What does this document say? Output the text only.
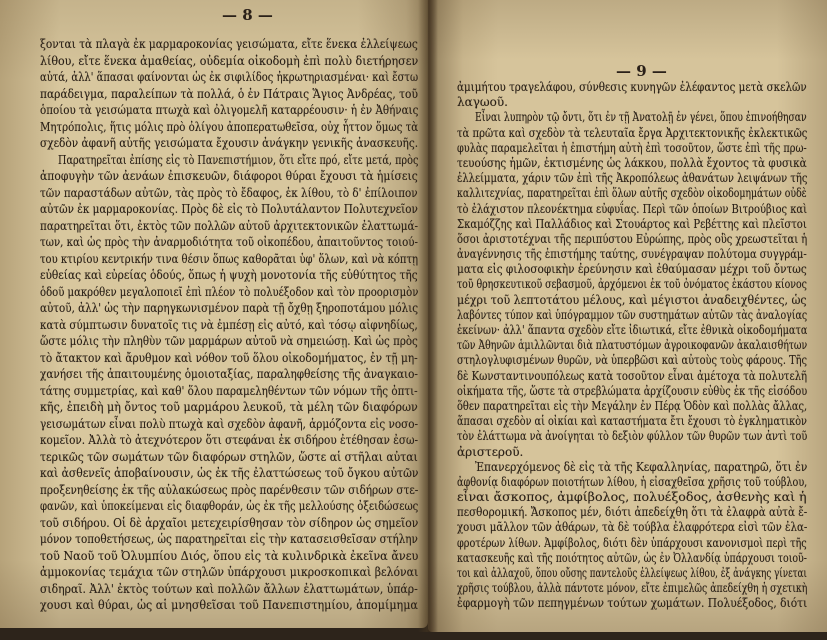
— 8 —
ξονται τὰ πλαγὰ ἐκ μαρμαροκονίας γεισώματα, εἴτε ἕνεκα ἐλλείψεως
λίθου, εἴτε ἕνεκα ἀμαθείας, οὐδεμία οἰκοδομὴ ἐπὶ πολὺ διετήρησεν
αὐτά, ἀλλ' ἅπασαι φαίνονται ὡς ἐκ σιφιλίδος ἠκρωτηριασμέναι· καὶ ἔστω
παράδειγμα, παραλείπων τὰ πολλά, ὁ ἐν Πάτραις Ἅγιος Ἀνδρέας, τοῦ
ὁποίου τὰ γεισώματα πτωχὰ καὶ ὀλιγομελῆ καταρρέουσιν· ἡ ἐν Ἀθήναις
Μητρόπολις, ἥτις μόλις πρὸ ὀλίγου ἀποπερατωθεῖσα, οὐχ ἧττον ὅμως τὰ
σχεδὸν ἀφανῆ αὐτῆς γεισώματα ἔχουσιν ἀνάγκην γενικῆς ἀνασκευῆς.
Παρατηρεῖται ἐπίσης εἰς τὸ Πανεπιστήμιον, ὅτι εἴτε πρό, εἴτε μετά, πρὸς
ἀποφυγὴν τῶν ἀενάων ἐπισκευῶν, διάφοροι θύραι ἔχουσι τὰ ἡμίσεις
τῶν παραστάδων αὐτῶν, τὰς πρὸς τὸ ἔδαφος, ἐκ λίθου, τὸ δ' ἐπίλοιπον
αὐτῶν ἐκ μαρμαροκονίας. Πρὸς δὲ εἰς τὸ Πολυτάλαντον Πολυτεχνεῖον
παρατηρεῖται ὅτι, ἐκτὸς τῶν πολλῶν αὐτοῦ ἀρχιτεκτονικῶν ἐλαττωμά-
των, καὶ ὡς πρὸς τὴν ἀναρμοδιότητα τοῦ οἰκοπέδου, ἀπαιτοῦντος τοιού-
του κτιρίου κεντρικήν τινα θέσιν ὅπως καθορᾶται ὑφ' ὅλων, καὶ νὰ κόπτῃ
εὐθείας καὶ εὐρείας ὁδούς, ὅπως ἡ ψυχὴ μονοτονία τῆς εὐθύτητος τῆς
ὁδοῦ μακρόθεν μεγαλοποιεῖ ἐπὶ πλέον τὸ πολυέξοδον καὶ τὸν προορισμὸν
αὐτοῦ, ἀλλ' ὡς τὴν παρηγκωνισμένον παρὰ τῇ ὄχθῃ ξηροποτάμου μόλις
κατὰ σύμπτωσιν δυνατοῖς τις νὰ ἐμπέσῃ εἰς αὐτό, καὶ τόσῳ αἰφνηδίως,
ὥστε μόλις τὴν πληθὺν τῶν μαρμάρων αὐτοῦ νὰ σημειώσῃ. Καὶ ὡς πρὸς
τὸ ἄτακτον καὶ ἄρυθμον καὶ νόθον τοῦ ὅλου οἰκοδομήματος, ἐν τῇ μη-
χανήσει τῆς ἀπαιτουμένης ὁμοιοταξίας, παραληφθείσης τῆς ἀναγκαιο-
τάτης συμμετρίας, καὶ καθ' ὅλου παραμεληθέντων τῶν νόμων τῆς ὀπτι-
κῆς, ἐπειδὴ μὴ ὄντος τοῦ μαρμάρου λευκοῦ, τὰ μέλη τῶν διαφόρων
γεισωμάτων εἶναι πολὺ πτωχὰ καὶ σχεδὸν ἀφανῆ, ἁρμόζοντα εἰς νοσο-
κομεῖον. Ἀλλὰ τὸ ἀτεχνότερον ὅτι στεφάναι ἐκ σιδήρου ἐτέθησαν ἐσω-
τερικῶς τῶν σωμάτων τῶν διαφόρων στηλῶν, ὥστε αἱ στῆλαι αὐται
καὶ ἀσθενεῖς ἀποβαίνουσιν, ὡς ἐκ τῆς ἐλαττώσεως τοῦ ὄγκου αὐτῶν
προξενηθείσης ἐκ τῆς αὐλακώσεως πρὸς παρένθεσιν τῶν σιδήρων στε-
φανῶν, καὶ ὑποκείμεναι εἰς διαφθοράν, ὡς ἐκ τῆς μελλούσης ὀξειδώσεως
τοῦ σιδήρου. Οἱ δὲ ἀρχαῖοι μετεχειρίσθησαν τὸν σίδηρον ὡς σημεῖον
μόνον τοποθετήσεως, ὡς παρατηρεῖται εἰς τὴν κατασεισθεῖσαν στήλην
τοῦ Ναοῦ τοῦ Ὀλυμπίου Διός, ὅπου εἰς τὰ κυλινδρικὰ ἐκεῖνα ἄνευ
ἀμμοκονίας τεμάχια τῶν στηλῶν ὑπάρχουσι μικροσκοπικαὶ βελόναι
σιδηραῖ. Ἀλλ' ἐκτὸς τούτων καὶ πολλῶν ἄλλων ἐλαττωμάτων, ὑπάρ-
χουσι καὶ θύραι, ὡς αἱ μνησθεῖσαι τοῦ Πανεπιστημίου, ἀπομίμημα
— 9 —
ἀμιμήτου τραγελάφου, σύνθεσις κυνηγῶν ἐλέφαντος μετὰ σκελῶν
λαγωοῦ.
Εἶναι λυπηρὸν τῷ ὄντι, ὅτι ἐν τῇ Ἀνατολῇ ἐν γένει, ὅπου ἐπινοήθησαν
τὰ πρῶτα καὶ σχεδὸν τὰ τελευταῖα ἔργα Ἀρχιτεκτονικῆς ἐκλεκτικῶς
φυλὰς παραμελεῖται ἡ ἐπιστήμη αὐτὴ ἐπὶ τοσοῦτον, ὥστε ἐπὶ τῆς πρω-
τευούσης ἡμῶν, ἐκτισμένης ὡς λάκκου, πολλὰ ἔχοντος τὰ φυσικὰ
ἐλλείμματα, χάριν τῶν ἐπὶ τῆς Ἀκροπόλεως ἀθανάτων λειψάνων τῆς
καλλιτεχνίας, παρατηρεῖται ἐπὶ ὅλων αὐτῆς σχεδὸν οἰκοδομημάτων οὐδὲ
τὸ ἐλάχιστον πλεονέκτημα εὐφυΐας. Περὶ τῶν ὁποίων Βιτρούβιος καὶ
Σκαμόζζης καὶ Παλλάδιος καὶ Στουάρτος καὶ Ρεβέττης καὶ πλεῖστοι
ὅσοι ἀριστοτέχναι τῆς περιπύστου Εὐρώπης, πρὸς οὓς χρεωστεῖται ἡ
ἀναγέννησις τῆς ἐπιστήμης ταύτης, συνέγραψαν πολύτομα συγγράμ-
ματα εἰς φιλοσοφικὴν ἐρεύνησιν καὶ ἐθαύμασαν μέχρι τοῦ ὄντως
τοῦ θρησκευτικοῦ σεβασμοῦ, ἀρχόμενοι ἐκ τοῦ ὀνόματος ἑκάστου κίονος
μέχρι τοῦ λεπτοτάτου μέλους, καὶ μέγιστοι ἀναδειχθέντες, ὡς
λαβόντες τύπον καὶ ὑπόγραμμον τῶν συστημάτων αὐτῶν τὰς ἀναλογίας
ἐκείνων· ἀλλ' ἅπαντα σχεδὸν εἴτε ἰδιωτικά, εἴτε ἐθνικὰ οἰκοδομήματα
τῶν Ἀθηνῶν ἁμιλλῶνται διὰ πλατυστόμων ἀγροικοφανῶν ἀκαλαισθήτων
στηλογλυφισμένων θυρῶν, νὰ ὑπερβῶσι καὶ αὐτοὺς τοὺς φάρους. Τῆς
δὲ Κωνσταντινουπόλεως κατὰ τοσοῦτον εἶναι ἀμέτοχα τὰ πολυτελῆ
οἰκήματα τῆς, ὥστε τὰ στρεβλώματα ἀρχίζουσιν εὐθὺς ἐκ τῆς εἰσόδου
ὅθεν παρατηρεῖται εἰς τὴν Μεγάλην ἐν Πέρᾳ Ὁδὸν καὶ πολλὰς ἄλλας,
ἅπασαι σχεδὸν αἱ οἰκίαι καὶ καταστήματα ἔτι ἔχουσι τὸ ἐγκληματικὸν
τὸν ἐλάττωμα νὰ ἀνοίγηται τὸ δεξιὸν φύλλον τῶν θυρῶν των ἀντὶ τοῦ
ἀριστεροῦ.
Ἐπανερχόμενος δὲ εἰς τὰ τῆς Κεφαλληνίας, παρατηρῶ, ὅτι ἐν
ἀφθονίᾳ διαφόρων ποιοτήτων λίθου, ἡ εἰσαχθεῖσα χρῆσις τοῦ τούβλου,
εἶναι ἄσκοπος, ἀμφίβολος, πολυέξοδος, ἀσθενὴς καὶ ἡ
πεσθορομική. Ἄσκοπος μέν, διότι ἀπεδείχθη ὅτι τὰ ἐλαφρὰ αὐτὰ ἔ-
χουσι μᾶλλον τῶν ἀθάρων, τὰ δὲ τούβλα ἐλαφρότερα εἰσὶ τῶν ἐλα-
φροτέρων λίθων. Ἀμφίβολος, διότι δὲν ὑπάρχουσι κανονισμοὶ περὶ τῆς
κατασκευῆς καὶ τῆς ποιότητος αὐτῶν, ὡς ἐν Ὀλλανδίᾳ ὑπάρχουσι τοιοῦ-
τοι καὶ ἀλλαχοῦ, ὅπου οὔσης παντελοῦς ἐλλείψεως λίθου, ἐξ ἀνάγκης γίνεται
χρῆσις τούβλου, ἀλλὰ πάντοτε μόνον, εἴτε ἐπιμελῶς ἀπεδείχθη ἡ σχετικὴ
ἐφαρμογὴ τῶν πεπηγμένων τούτων χωμάτων. Πολυέξοδος, διότι
